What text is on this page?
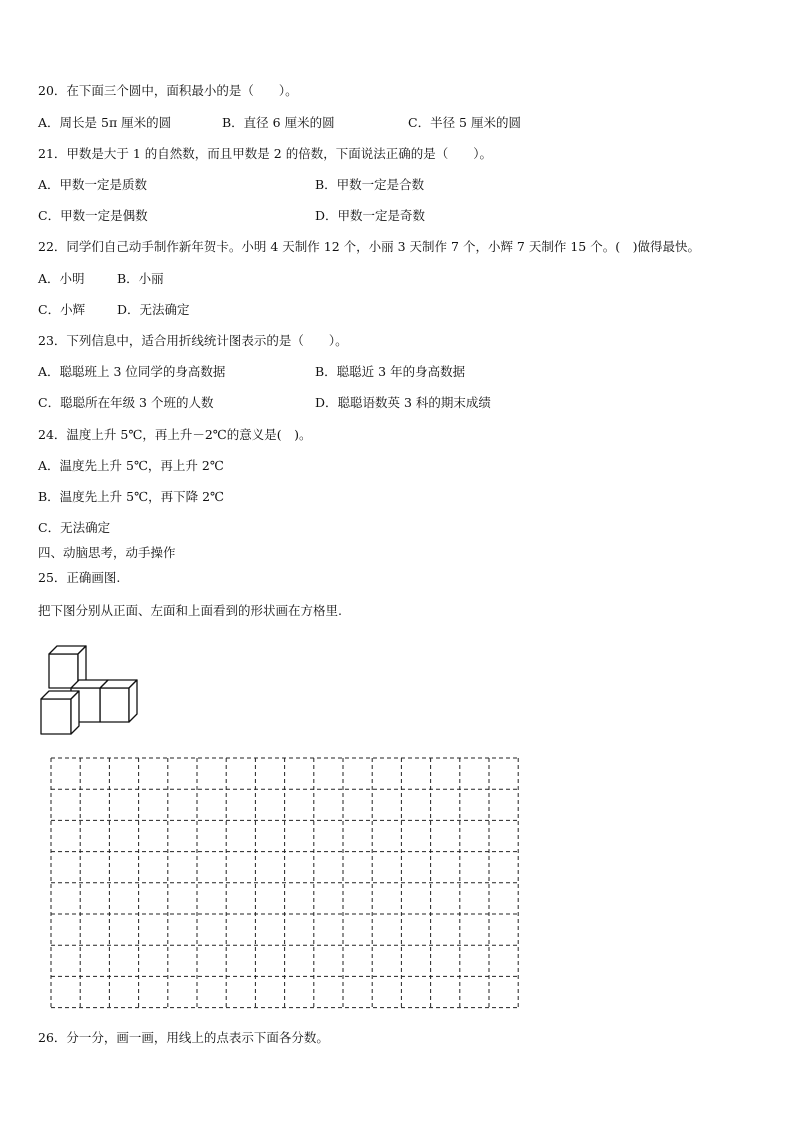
20．在下面三个圆中，面积最小的是（　　）。
A．周长是 5π 厘米的圆	B．直径 6 厘米的圆	C．半径 5 厘米的圆
21．甲数是大于 1 的自然数，而且甲数是 2 的倍数，下面说法正确的是（　　）。
A．甲数一定是质数	B．甲数一定是合数
C．甲数一定是偶数	D．甲数一定是奇数
22．同学们自己动手制作新年贺卡。小明 4 天制作 12 个，小丽 3 天制作 7 个，小辉 7 天制作 15 个。(　)做得最快。
A．小明	B．小丽
C．小辉	D．无法确定
23．下列信息中，适合用折线统计图表示的是（　　）。
A．聪聪班上 3 位同学的身高数据	B．聪聪近 3 年的身高数据
C．聪聪所在年级 3 个班的人数	D．聪聪语数英 3 科的期末成绩
24．温度上升 5℃，再上升－2℃的意义是(　)。
A．温度先上升 5℃，再上升 2℃
B．温度先上升 5℃，再下降 2℃
C．无法确定
四、动脑思考，动手操作
25．正确画图.
把下图分别从正面、左面和上面看到的形状画在方格里.
26．分一分，画一画，用线上的点表示下面各分数。
